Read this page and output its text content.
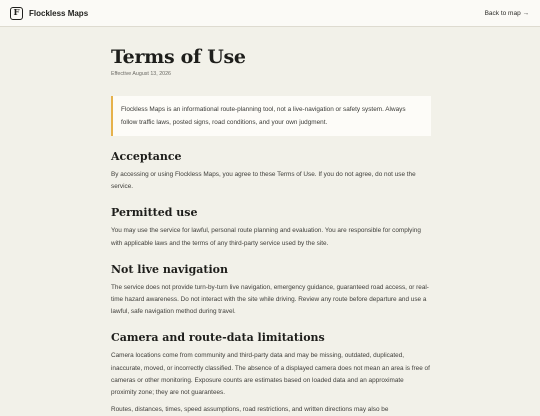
F	Flockless Maps	Back to map →
Terms of Use
Effective August 13, 2026
Flockless Maps is an informational route-planning tool, not a live-navigation or safety system. Always follow traffic laws, posted signs, road conditions, and your own judgment.
Acceptance

By accessing or using Flockless Maps, you agree to these Terms of Use. If you do not agree, do not use the service.

Permitted use

You may use the service for lawful, personal route planning and evaluation. You are responsible for complying with applicable laws and the terms of any third-party service used by the site.

Not live navigation

The service does not provide turn-by-turn live navigation, emergency guidance, guaranteed road access, or real-time hazard awareness. Do not interact with the site while driving. Review any route before departure and use a lawful, safe navigation method during travel.

Camera and route-data limitations

Camera locations come from community and third-party data and may be missing, outdated, duplicated, inaccurate, moved, or incorrectly classified. The absence of a displayed camera does not mean an area is free of cameras or other monitoring. Exposure counts are estimates based on loaded data and an approximate proximity zone; they are not guarantees.

Routes, distances, times, speed assumptions, road restrictions, and written directions may also be
